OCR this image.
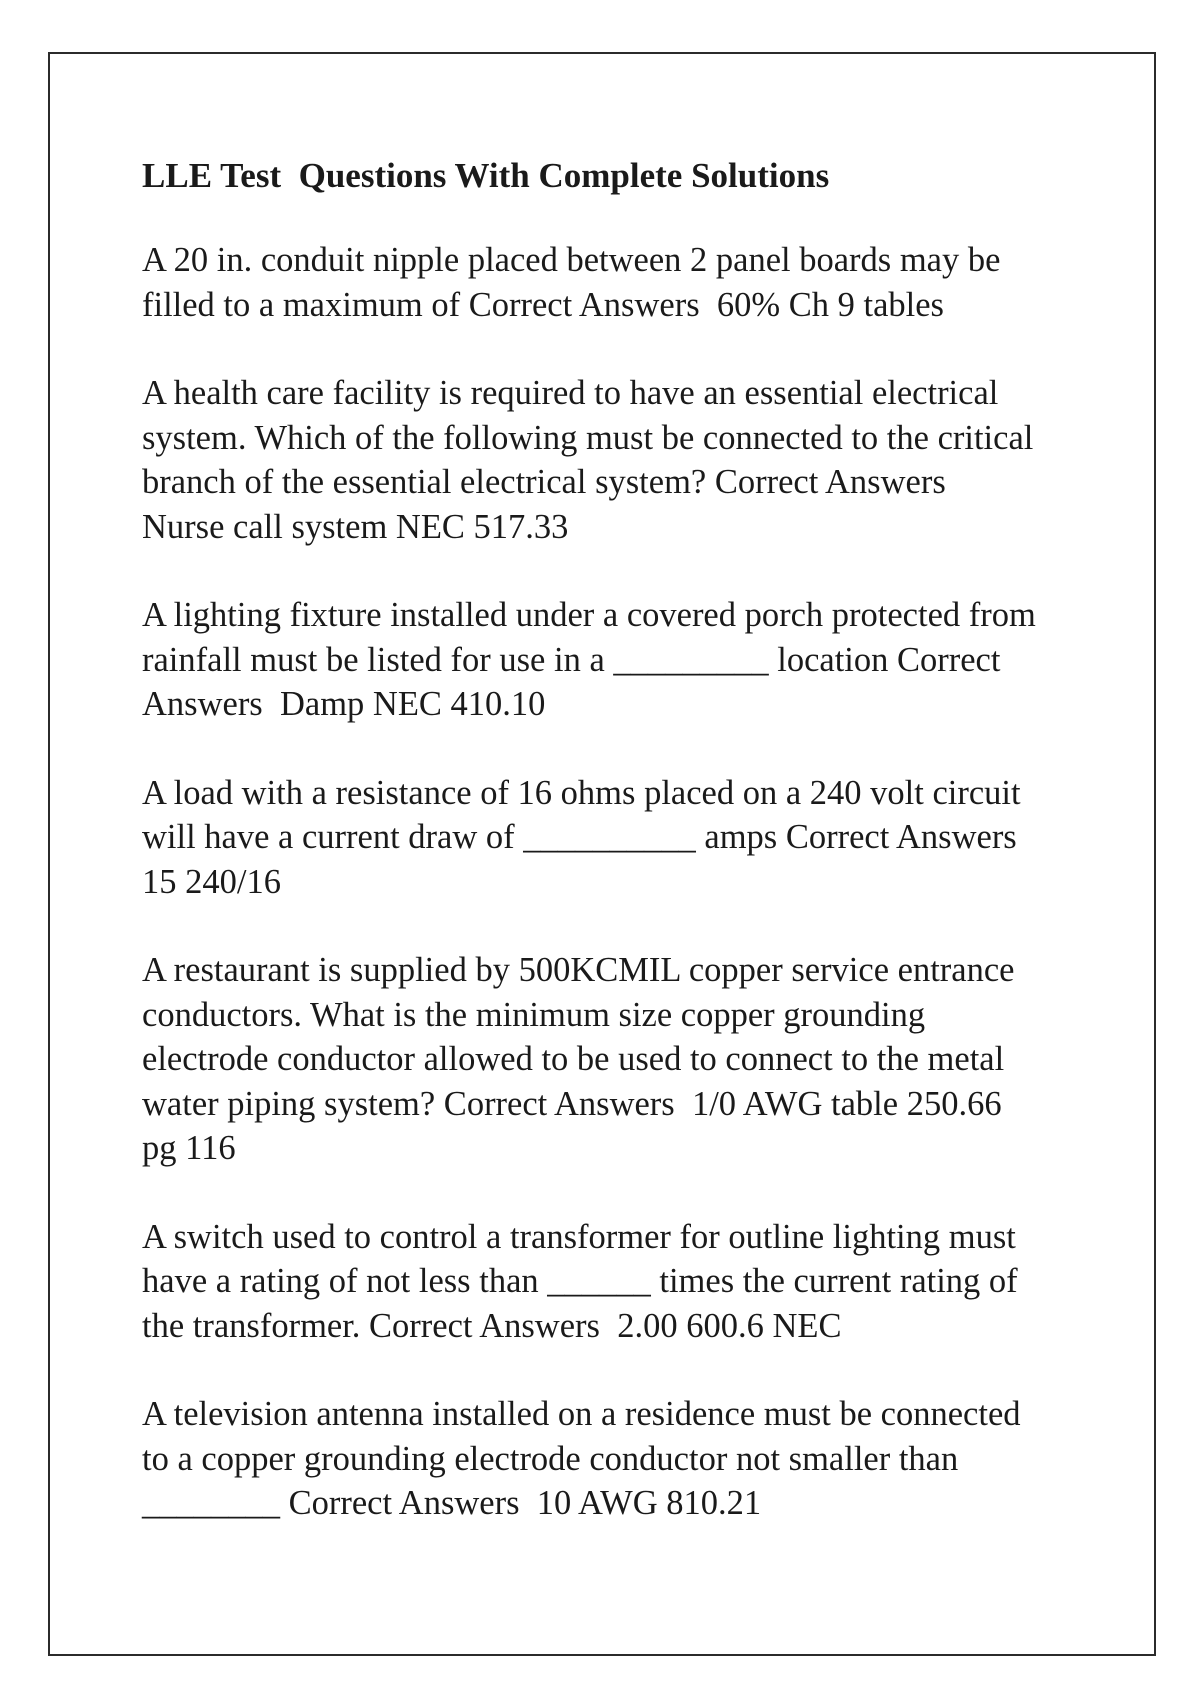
LLE Test  Questions With Complete Solutions
A 20 in. conduit nipple placed between 2 panel boards may be
filled to a maximum of Correct Answers  60% Ch 9 tables
A health care facility is required to have an essential electrical
system. Which of the following must be connected to the critical
branch of the essential electrical system? Correct Answers
Nurse call system NEC 517.33
A lighting fixture installed under a covered porch protected from
rainfall must be listed for use in a _________ location Correct
Answers  Damp NEC 410.10
A load with a resistance of 16 ohms placed on a 240 volt circuit
will have a current draw of __________ amps Correct Answers
15 240/16
A restaurant is supplied by 500KCMIL copper service entrance
conductors. What is the minimum size copper grounding
electrode conductor allowed to be used to connect to the metal
water piping system? Correct Answers  1/0 AWG table 250.66
pg 116
A switch used to control a transformer for outline lighting must
have a rating of not less than ______ times the current rating of
the transformer. Correct Answers  2.00 600.6 NEC
A television antenna installed on a residence must be connected
to a copper grounding electrode conductor not smaller than
________ Correct Answers  10 AWG 810.21
